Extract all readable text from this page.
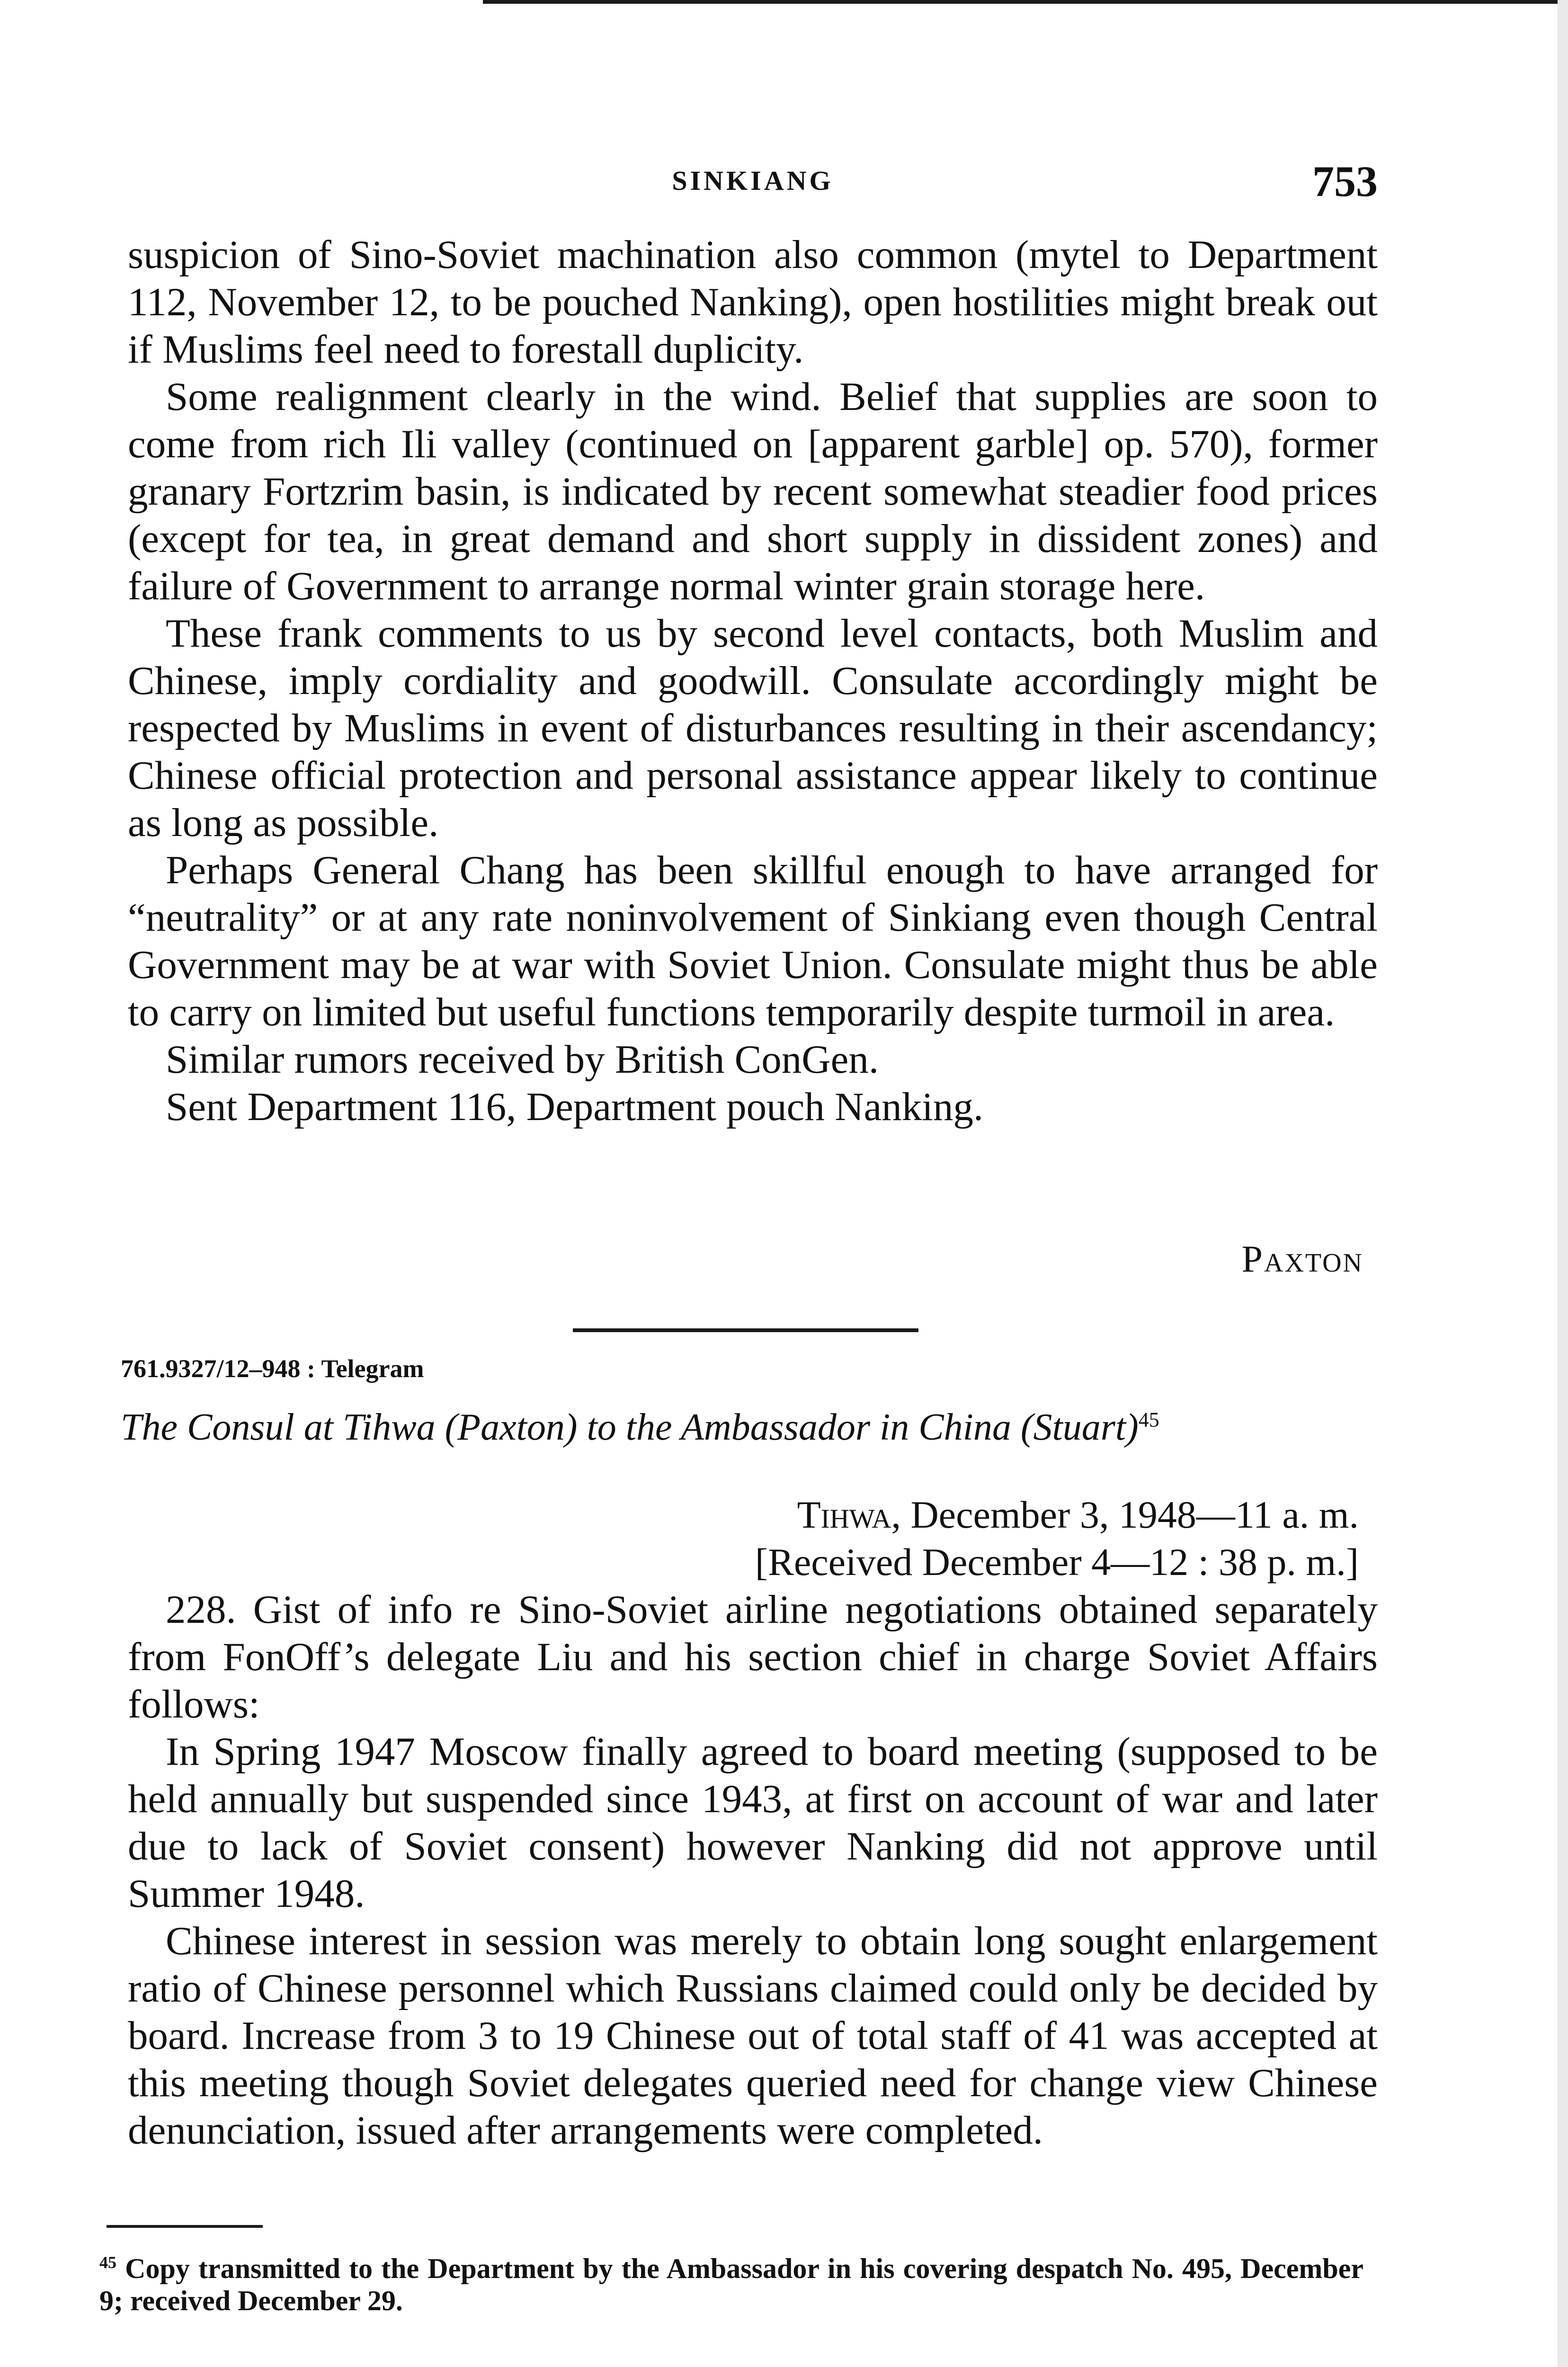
SINKIANG	753

suspicion of Sino-Soviet machination also common (mytel to Department 112, November 12, to be pouched Nanking), open hostilities might break out if Muslims feel need to forestall duplicity.

Some realignment clearly in the wind. Belief that supplies are soon to come from rich Ili valley (continued on [apparent garble] op. 570), former granary Fortzrim basin, is indicated by recent somewhat steadier food prices (except for tea, in great demand and short supply in dissident zones) and failure of Government to arrange normal winter grain storage here.

These frank comments to us by second level contacts, both Muslim and Chinese, imply cordiality and goodwill. Consulate accordingly might be respected by Muslims in event of disturbances resulting in their ascendancy; Chinese official protection and personal assistance appear likely to continue as long as possible.

Perhaps General Chang has been skillful enough to have arranged for “neutrality” or at any rate noninvolvement of Sinkiang even though Central Government may be at war with Soviet Union. Consulate might thus be able to carry on limited but useful functions temporarily despite turmoil in area.

Similar rumors received by British ConGen.

Sent Department 116, Department pouch Nanking.

Paxton
761.9327/12–948 : Telegram
The Consul at Tihwa (Paxton) to the Ambassador in China (Stuart)$^{45}$
Tihwa, December 3, 1948—11 a. m.
[Received December 4—12 : 38 p. m.]

228. Gist of info re Sino-Soviet airline negotiations obtained separately from FonOff’s delegate Liu and his section chief in charge Soviet Affairs follows:

In Spring 1947 Moscow finally agreed to board meeting (supposed to be held annually but suspended since 1943, at first on account of war and later due to lack of Soviet consent) however Nanking did not approve until Summer 1948.

Chinese interest in session was merely to obtain long sought enlargement ratio of Chinese personnel which Russians claimed could only be decided by board. Increase from 3 to 19 Chinese out of total staff of 41 was accepted at this meeting though Soviet delegates queried need for change view Chinese denunciation, issued after arrangements were completed.

$^{45}$ Copy transmitted to the Department by the Ambassador in his covering despatch No. 495, December 9; received December 29.
